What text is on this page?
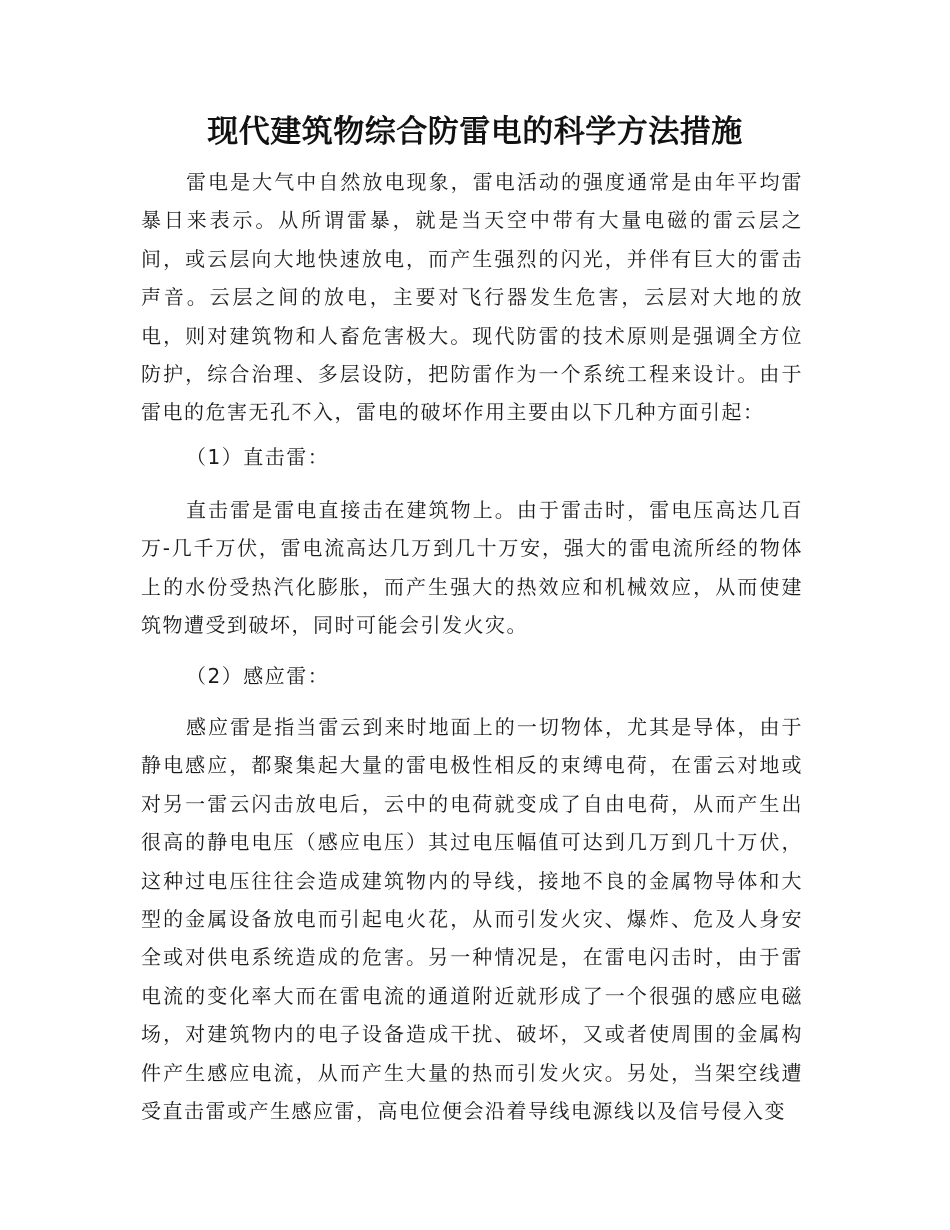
现代建筑物综合防雷电的科学方法措施

雷电是大气中自然放电现象，雷电活动的强度通常是由年平均雷暴日来表示。从所谓雷暴，就是当天空中带有大量电磁的雷云层之间，或云层向大地快速放电，而产生强烈的闪光，并伴有巨大的雷击声音。云层之间的放电，主要对飞行器发生危害，云层对大地的放电，则对建筑物和人畜危害极大。现代防雷的技术原则是强调全方位防护，综合治理、多层设防，把防雷作为一个系统工程来设计。由于雷电的危害无孔不入，雷电的破坏作用主要由以下几种方面引起：

（1）直击雷：

直击雷是雷电直接击在建筑物上。由于雷击时，雷电压高达几百万-几千万伏，雷电流高达几万到几十万安，强大的雷电流所经的物体上的水份受热汽化膨胀，而产生强大的热效应和机械效应，从而使建筑物遭受到破坏，同时可能会引发火灾。

（2）感应雷：

感应雷是指当雷云到来时地面上的一切物体，尤其是导体，由于静电感应，都聚集起大量的雷电极性相反的束缚电荷，在雷云对地或对另一雷云闪击放电后，云中的电荷就变成了自由电荷，从而产生出很高的静电电压（感应电压）其过电压幅值可达到几万到几十万伏，这种过电压往往会造成建筑物内的导线，接地不良的金属物导体和大型的金属设备放电而引起电火花，从而引发火灾、爆炸、危及人身安全或对供电系统造成的危害。另一种情况是，在雷电闪击时，由于雷电流的变化率大而在雷电流的通道附近就形成了一个很强的感应电磁场，对建筑物内的电子设备造成干扰、破坏，又或者使周围的金属构件产生感应电流，从而产生大量的热而引发火灾。另处，当架空线遭受直击雷或产生感应雷，高电位便会沿着导线电源线以及信号侵入变
